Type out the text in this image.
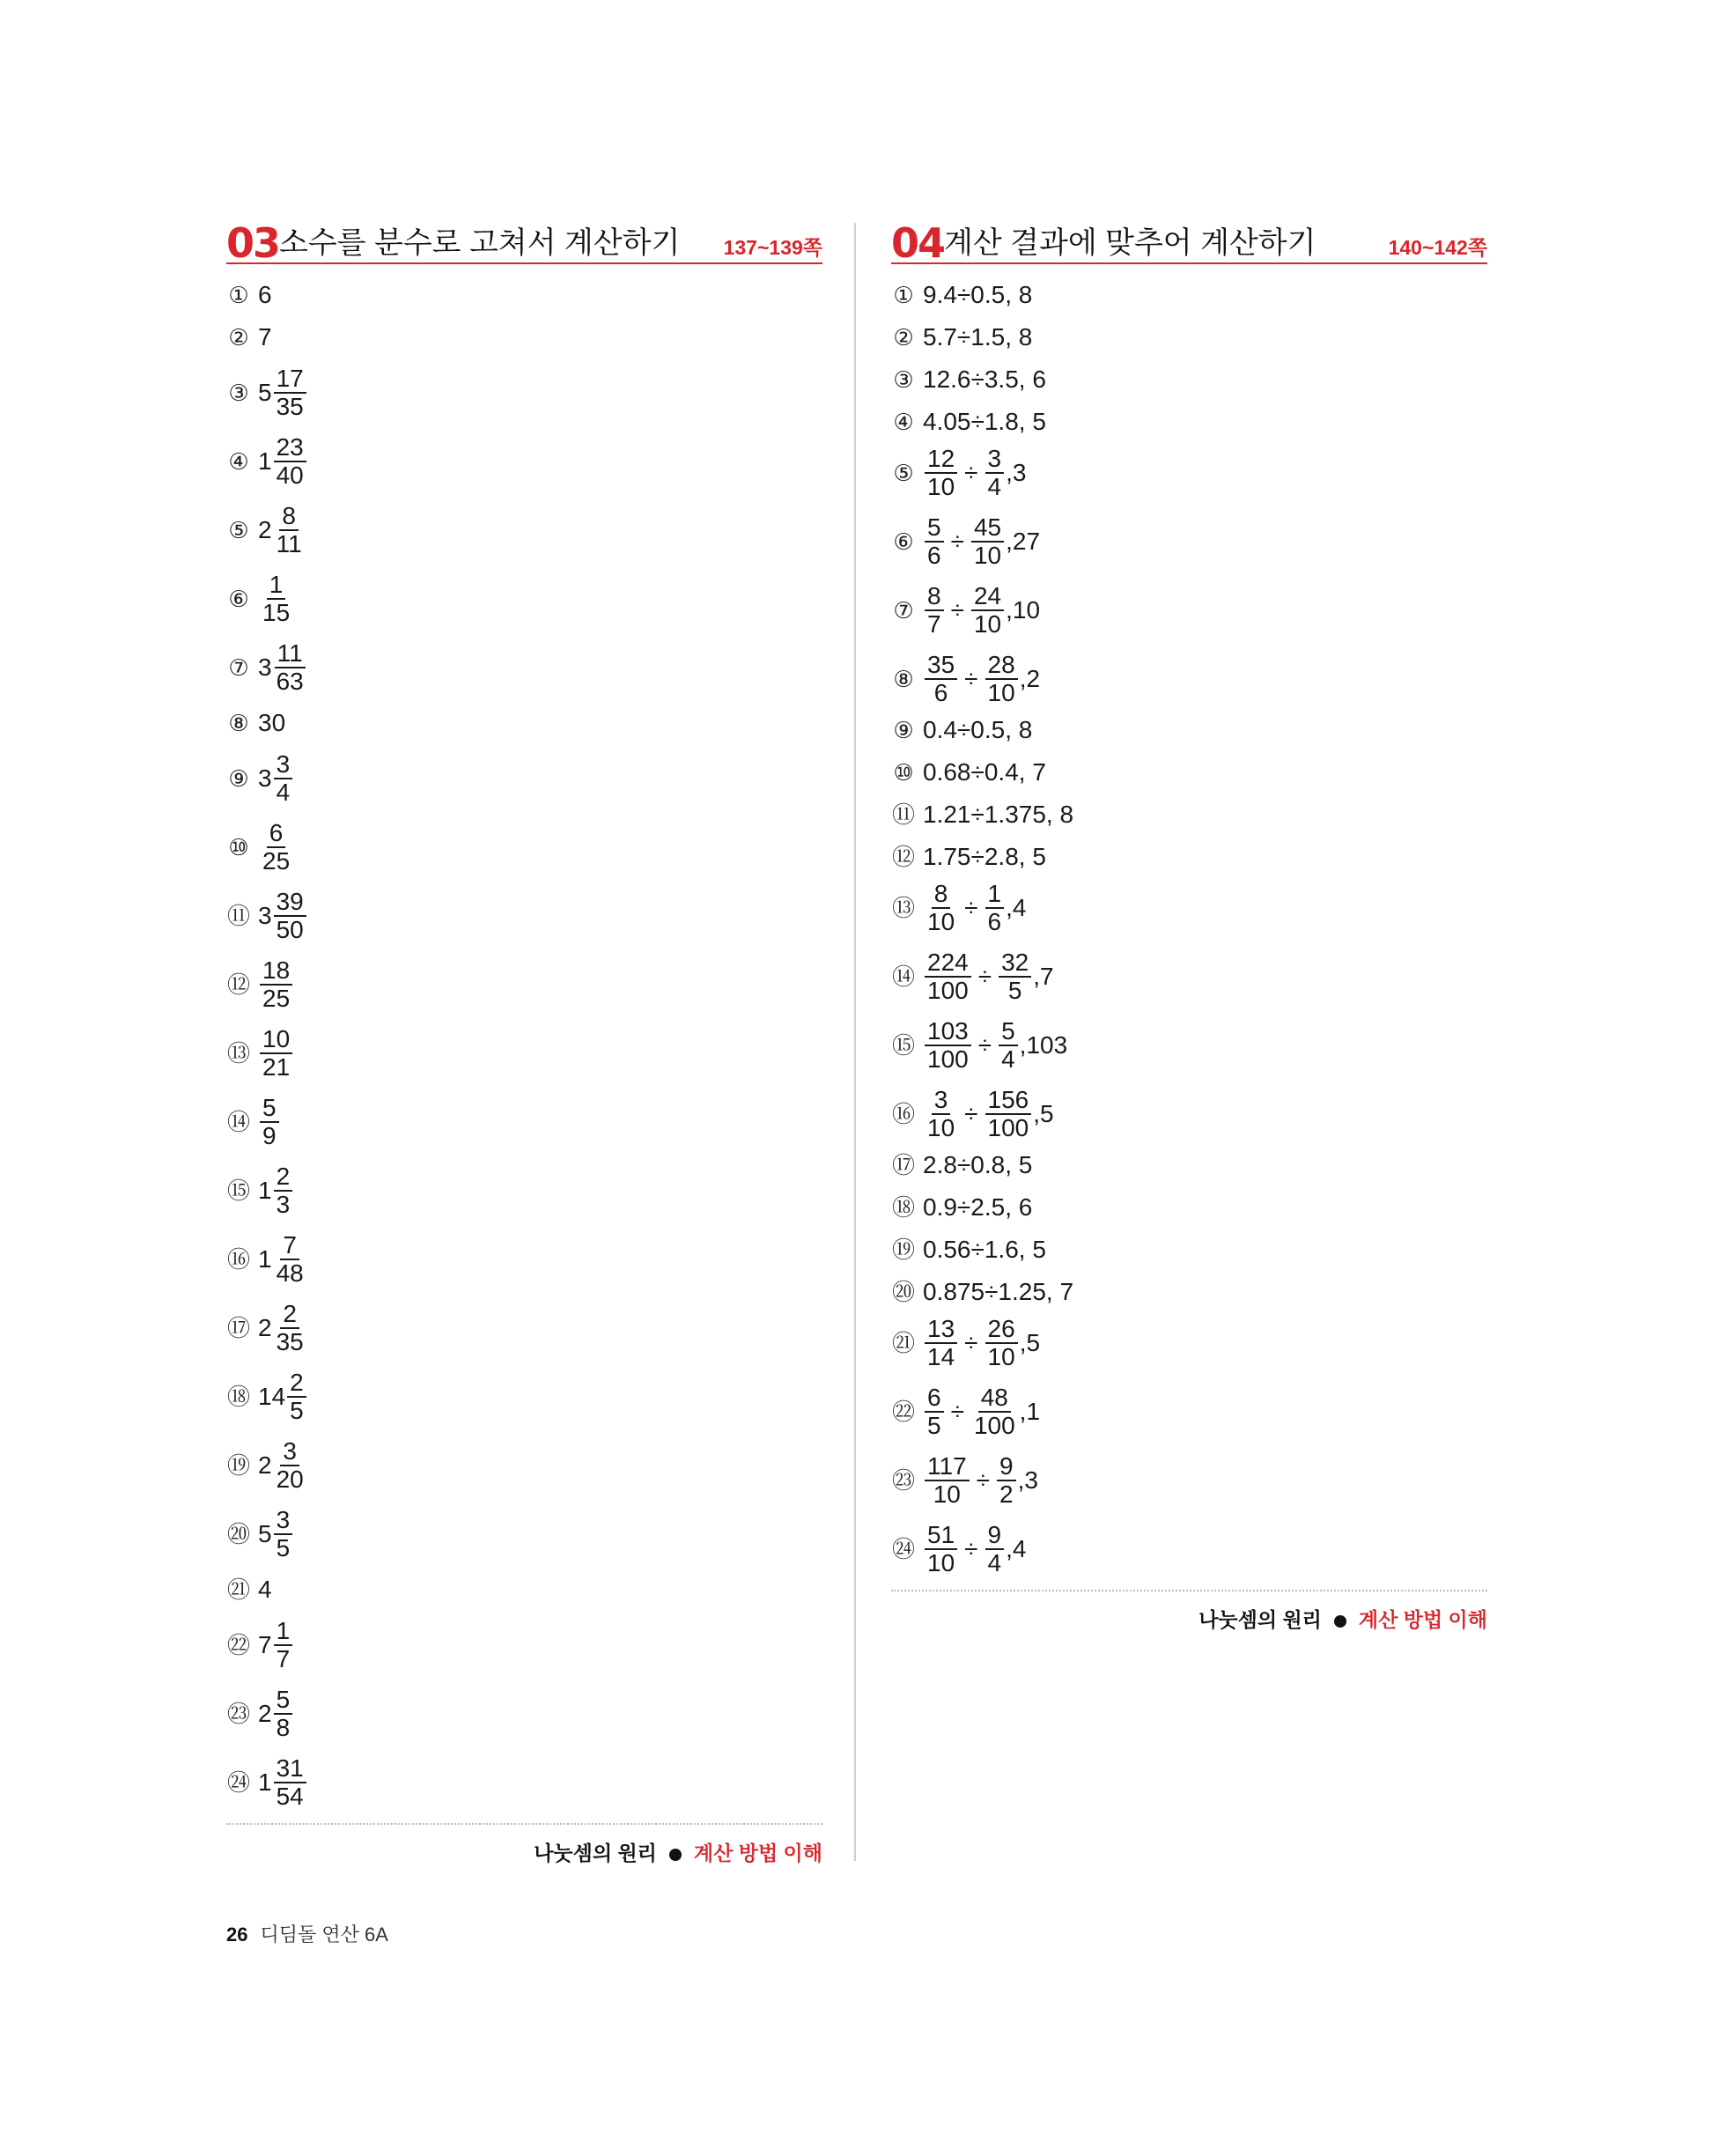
03 소수를 분수로 고쳐서 계산하기 137~139쪽
① 6
② 7
③ $5 \frac{17}{35}$
④ $1 \frac{23}{40}$
⑤ $2 \frac{8}{11}$
⑥ $\frac{1}{15}$
⑦ $3 \frac{11}{63}$
⑧ 30
⑨ $3 \frac{3}{4}$
⑩ $\frac{6}{25}$
⑪ $3 \frac{39}{50}$
⑫ $\frac{18}{25}$
⑬ $\frac{10}{21}$
⑭ $\frac{5}{9}$
⑮ $1 \frac{2}{3}$
⑯ $1 \frac{7}{48}$
⑰ $2 \frac{2}{35}$
⑱ $14 \frac{2}{5}$
⑲ $2 \frac{3}{20}$
⑳ $5 \frac{3}{5}$
㉑ 4
㉒ $7 \frac{1}{7}$
㉓ $2 \frac{5}{8}$
㉔ $1 \frac{31}{54}$
나눗셈의 원리 계산 방법 이해
04 계산 결과에 맞추어 계산하기	140~142쪽
① 9.4÷0.5, 8
② 5.7÷1.5, 8
③ 12.6÷3.5, 6
④ 4.05÷1.8, 5
⑤ $\frac{12}{10} \div \frac{3}{4}$ , 3
⑥ $\frac{5}{6} \div \frac{45}{10}$ , 27
⑦ $\frac{8}{7} \div \frac{24}{10}$ , 10
⑧ $\frac{35}{6} \div \frac{28}{10}$ , 2
⑨ 0.4÷0.5, 8
⑩ 0.68÷0.4, 7
⑪ 1.21÷1.375, 8
⑫ 1.75÷2.8, 5
⑬ $\frac{8}{10} \div \frac{1}{6}$ , 4
⑭ $\frac{224}{100} \div \frac{32}{5}$ , 7
⑮ $\frac{103}{100} \div \frac{5}{4}$ , 103
⑯ $\frac{3}{10} \div \frac{156}{100}$ , 5
⑰ 2.8÷0.8, 5
⑱ 0.9÷2.5, 6
⑲ 0.56÷1.6, 5
⑳ 0.875÷1.25, 7
㉑ $\frac{13}{14} \div \frac{26}{10}$ , 5
㉒ $\frac{6}{5} \div \frac{48}{100}$ , 1
㉓ $\frac{117}{10} \div \frac{9}{2}$ , 3
㉔ $\frac{51}{10} \div \frac{9}{4}$ , 4
나눗셈의 원리 계산 방법 이해
26 디딤돌 연산 6A
